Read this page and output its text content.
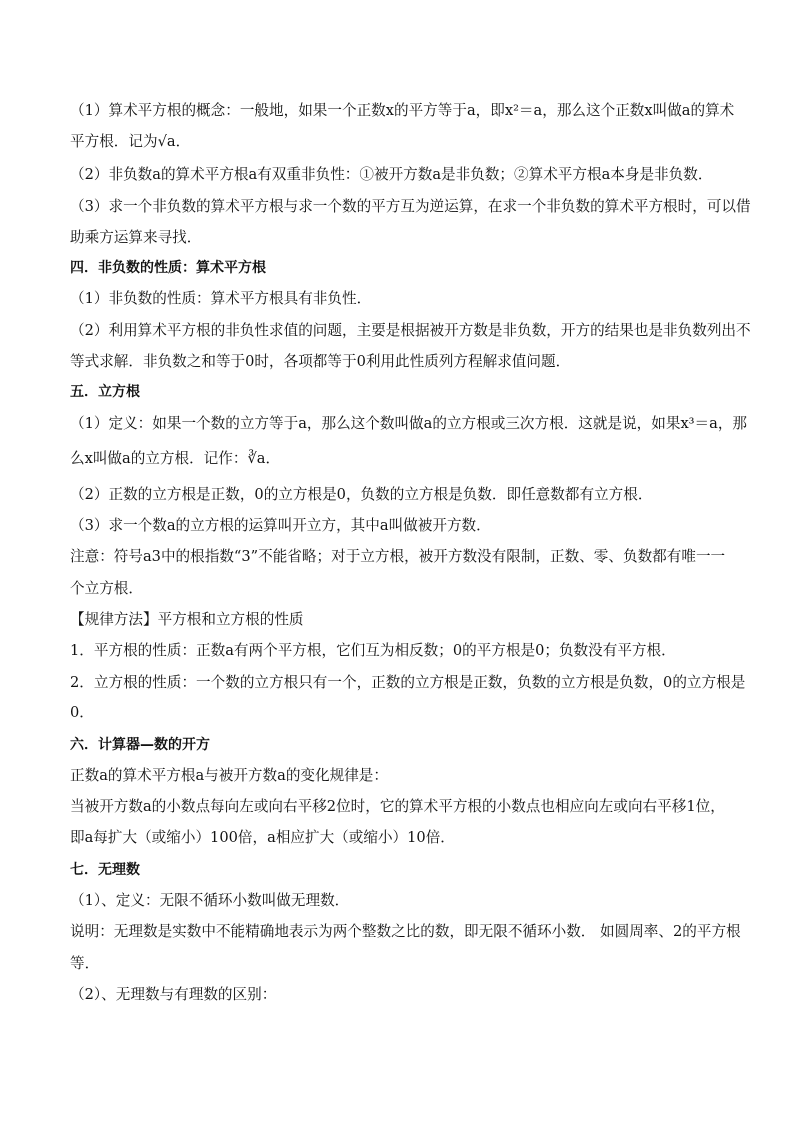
（1）算术平方根的概念：一般地，如果一个正数x的平方等于a，即x²＝a，那么这个正数x叫做a的算术
平方根．记为√a．
（2）非负数a的算术平方根a有双重非负性：①被开方数a是非负数；②算术平方根a本身是非负数．
（3）求一个非负数的算术平方根与求一个数的平方互为逆运算，在求一个非负数的算术平方根时，可以借
助乘方运算来寻找．
四．非负数的性质：算术平方根
（1）非负数的性质：算术平方根具有非负性．
（2）利用算术平方根的非负性求值的问题，主要是根据被开方数是非负数，开方的结果也是非负数列出不
等式求解．非负数之和等于0时，各项都等于0利用此性质列方程解求值问题．
五．立方根
（1）定义：如果一个数的立方等于a，那么这个数叫做a的立方根或三次方根．这就是说，如果x³＝a，那
么x叫做a的立方根．记作：∛a．
（2）正数的立方根是正数，0的立方根是0，负数的立方根是负数．即任意数都有立方根．
（3）求一个数a的立方根的运算叫开立方，其中a叫做被开方数．
注意：符号a3中的根指数“3”不能省略；对于立方根，被开方数没有限制，正数、零、负数都有唯一一
个立方根．
【规律方法】平方根和立方根的性质
1．平方根的性质：正数a有两个平方根，它们互为相反数；0的平方根是0；负数没有平方根．
2．立方根的性质：一个数的立方根只有一个，正数的立方根是正数，负数的立方根是负数，0的立方根是
0．
六．计算器—数的开方
正数a的算术平方根a与被开方数a的变化规律是：
当被开方数a的小数点每向左或向右平移2位时，它的算术平方根的小数点也相应向左或向右平移1位，
即a每扩大（或缩小）100倍，a相应扩大（或缩小）10倍．
七．无理数
（1）、定义：无限不循环小数叫做无理数．
说明：无理数是实数中不能精确地表示为两个整数之比的数，即无限不循环小数． 如圆周率、2的平方根
等．
（2）、无理数与有理数的区别：
